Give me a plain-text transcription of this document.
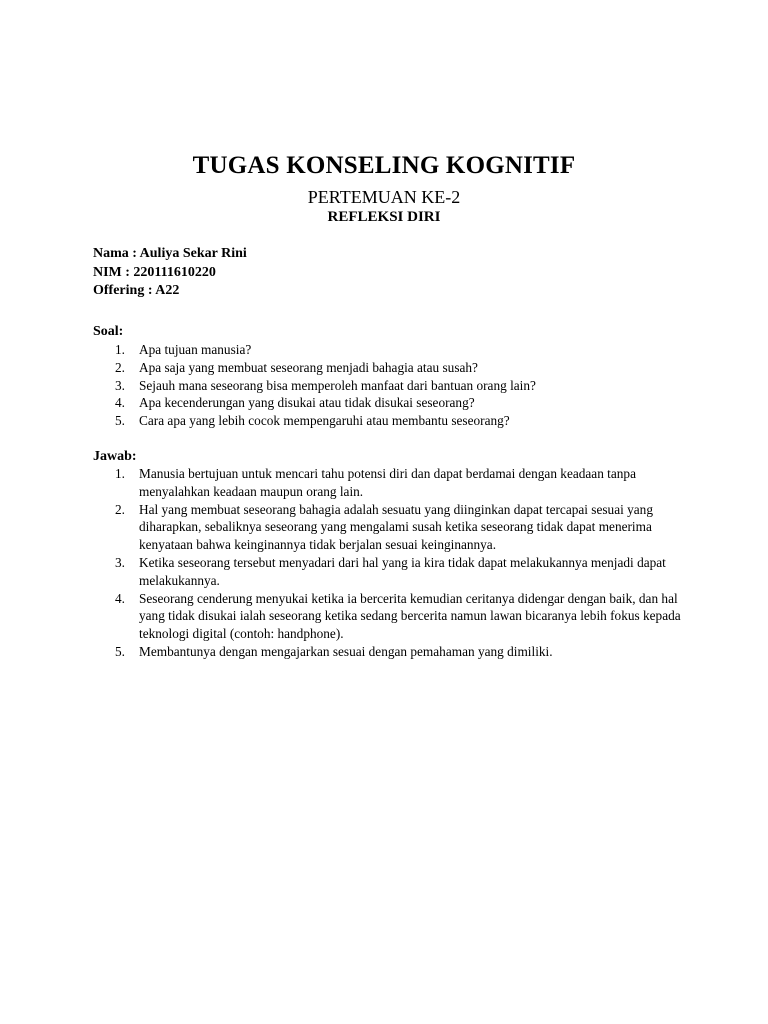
TUGAS KONSELING KOGNITIF
PERTEMUAN KE-2
REFLEKSI DIRI
Nama : Auliya Sekar Rini
NIM : 220111610220
Offering : A22
Soal:
1. Apa tujuan manusia?
2. Apa saja yang membuat seseorang menjadi bahagia atau susah?
3. Sejauh mana seseorang bisa memperoleh manfaat dari bantuan orang lain?
4. Apa kecenderungan yang disukai atau tidak disukai seseorang?
5. Cara apa yang lebih cocok mempengaruhi atau membantu seseorang?
Jawab:
1. Manusia bertujuan untuk mencari tahu potensi diri dan dapat berdamai dengan keadaan tanpa menyalahkan keadaan maupun orang lain.
2. Hal yang membuat seseorang bahagia adalah sesuatu yang diinginkan dapat tercapai sesuai yang diharapkan, sebaliknya seseorang yang mengalami susah ketika seseorang tidak dapat menerima kenyataan bahwa keinginannya tidak berjalan sesuai keinginannya.
3. Ketika seseorang tersebut menyadari dari hal yang ia kira tidak dapat melakukannya menjadi dapat melakukannya.
4. Seseorang cenderung menyukai ketika ia bercerita kemudian ceritanya didengar dengan baik, dan hal yang tidak disukai ialah seseorang ketika sedang bercerita namun lawan bicaranya lebih fokus kepada teknologi digital (contoh: handphone).
5. Membantunya dengan mengajarkan sesuai dengan pemahaman yang dimiliki.
